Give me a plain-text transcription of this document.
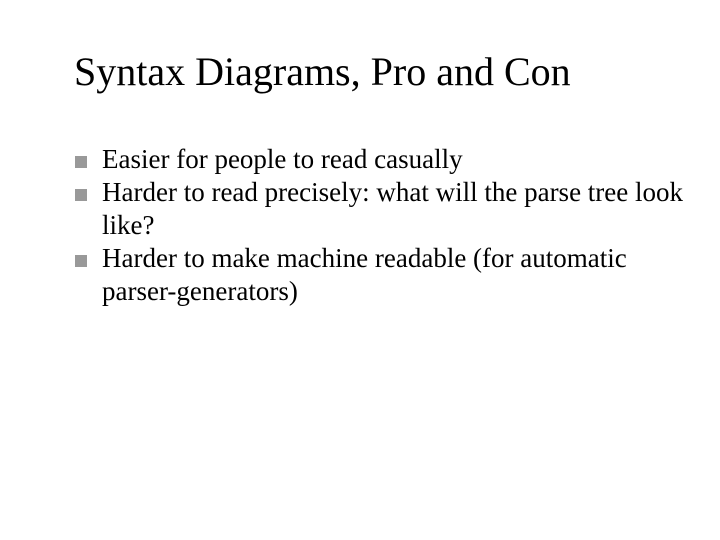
Syntax Diagrams, Pro and Con
Easier for people to read casually
Harder to read precisely: what will the parse tree look like?
Harder to make machine readable (for automatic parser-generators)
